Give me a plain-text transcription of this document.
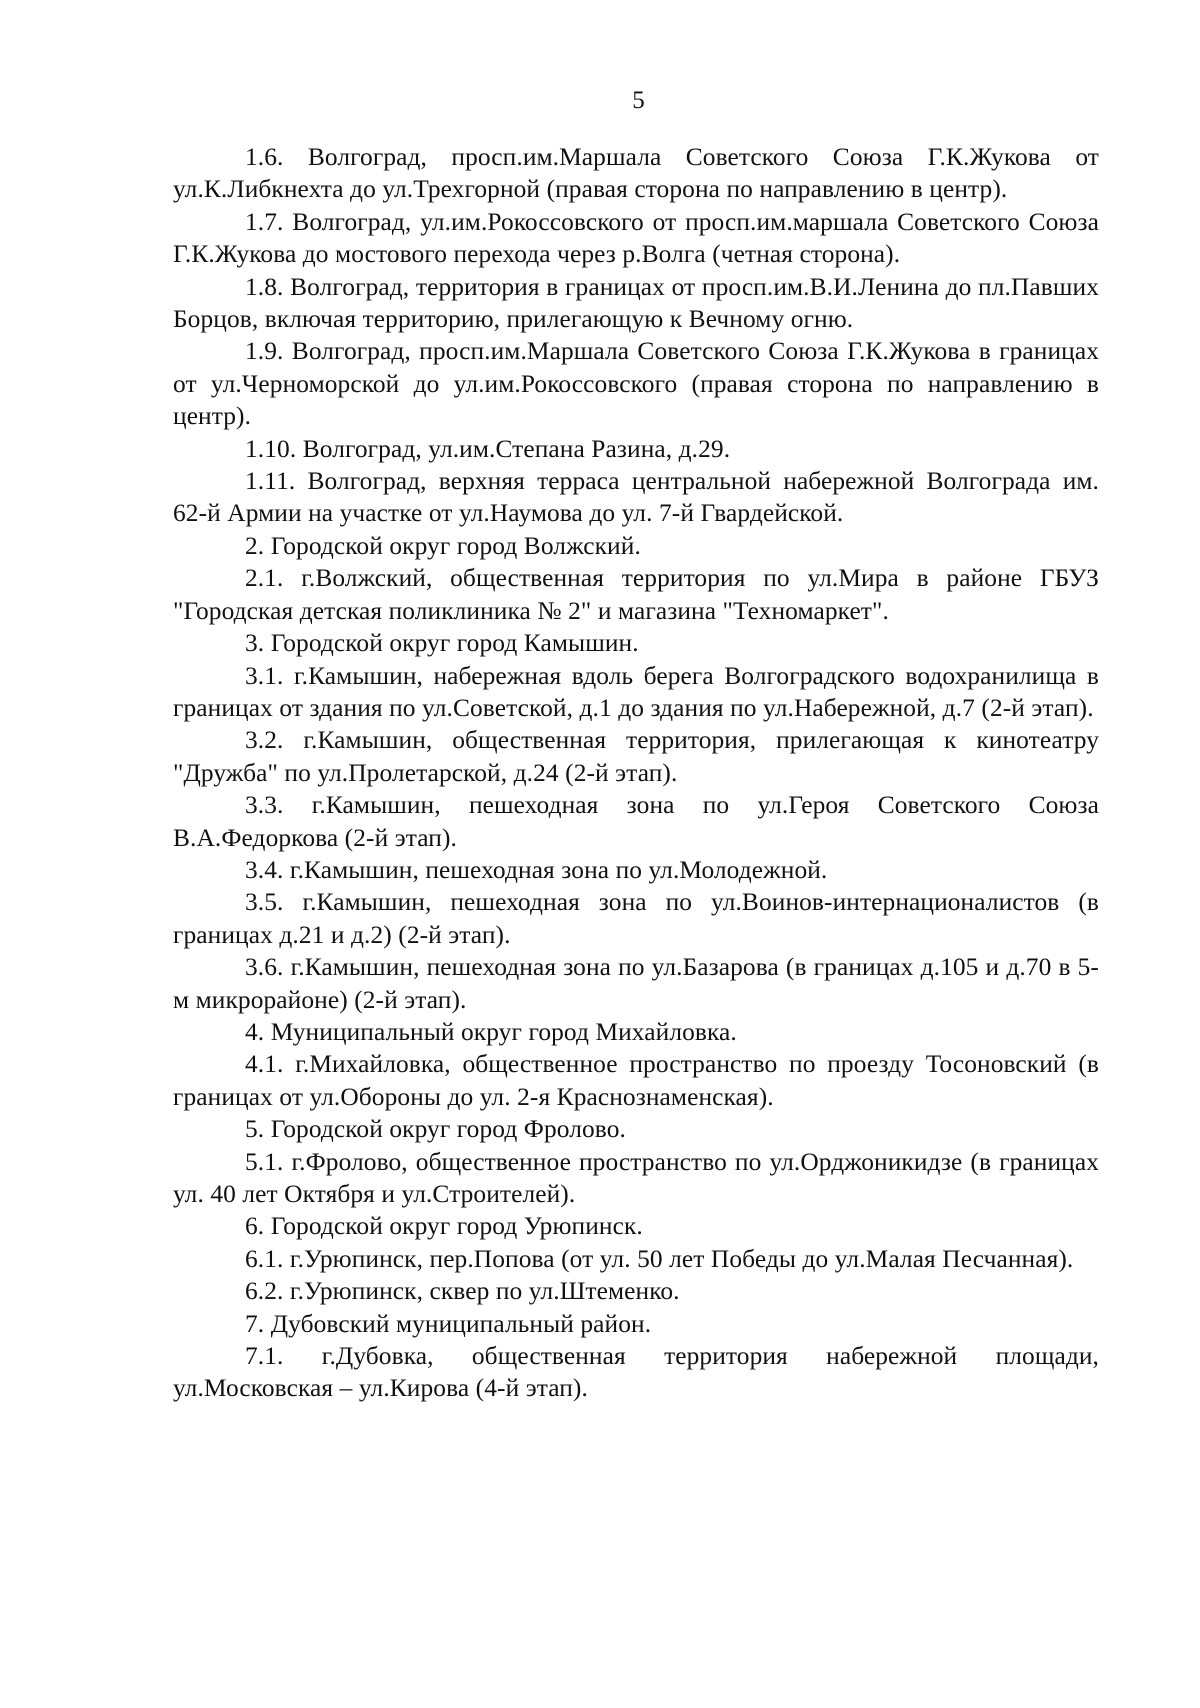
5

1.6. Волгоград, просп.им.Маршала Советского Союза Г.К.Жукова от ул.К.Либкнехта до ул.Трехгорной (правая сторона по направлению в центр).

1.7. Волгоград, ул.им.Рокоссовского от просп.им.маршала Советского Союза Г.К.Жукова до мостового перехода через р.Волга (четная сторона).

1.8. Волгоград, территория в границах от просп.им.В.И.Ленина до пл.Павших Борцов, включая территорию, прилегающую к Вечному огню.

1.9. Волгоград, просп.им.Маршала Советского Союза Г.К.Жукова в границах от ул.Черноморской до ул.им.Рокоссовского (правая сторона по направлению в центр).

1.10. Волгоград, ул.им.Степана Разина, д.29.

1.11. Волгоград, верхняя терраса центральной набережной Волгограда им. 62-й Армии на участке от ул.Наумова до ул. 7-й Гвардейской.

2. Городской округ город Волжский.

2.1. г.Волжский, общественная территория по ул.Мира в районе ГБУЗ "Городская детская поликлиника № 2" и магазина "Техномаркет".

3. Городской округ город Камышин.

3.1. г.Камышин, набережная вдоль берега Волгоградского водохранилища в границах от здания по ул.Советской, д.1 до здания по ул.Набережной, д.7 (2-й этап).

3.2. г.Камышин, общественная территория, прилегающая к кинотеатру "Дружба" по ул.Пролетарской, д.24 (2-й этап).

3.3. г.Камышин, пешеходная зона по ул.Героя Советского Союза В.А.Федоркова (2-й этап).

3.4. г.Камышин, пешеходная зона по ул.Молодежной.

3.5. г.Камышин, пешеходная зона по ул.Воинов-интернационалистов (в границах д.21 и д.2) (2-й этап).

3.6. г.Камышин, пешеходная зона по ул.Базарова (в границах д.105 и д.70 в 5-м микрорайоне) (2-й этап).

4. Муниципальный округ город Михайловка.

4.1. г.Михайловка, общественное пространство по проезду Тосоновский (в границах от ул.Обороны до ул. 2-я Краснознаменская).

5. Городской округ город Фролово.

5.1. г.Фролово, общественное пространство по ул.Орджоникидзе (в границах ул. 40 лет Октября и ул.Строителей).

6. Городской округ город Урюпинск.

6.1. г.Урюпинск, пер.Попова (от ул. 50 лет Победы до ул.Малая Песчанная).

6.2. г.Урюпинск, сквер по ул.Штеменко.

7. Дубовский муниципальный район.

7.1. г.Дубовка, общественная территория набережной площади, ул.Московская – ул.Кирова (4-й этап).
